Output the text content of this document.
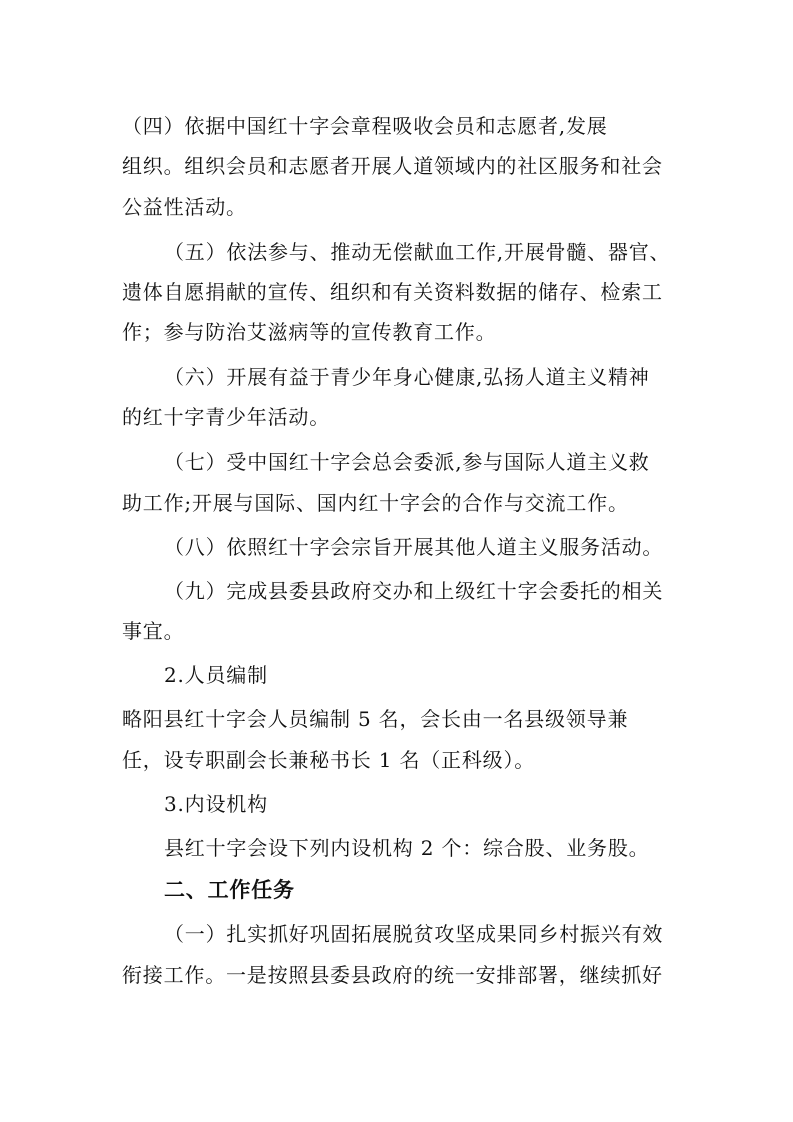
（四）依据中国红十字会章程吸收会员和志愿者,发展
组织。组织会员和志愿者开展人道领域内的社区服务和社会
公益性活动。
（五）依法参与、推动无偿献血工作,开展骨髓、器官、
遗体自愿捐献的宣传、组织和有关资料数据的储存、检索工
作；参与防治艾滋病等的宣传教育工作。
（六）开展有益于青少年身心健康,弘扬人道主义精神
的红十字青少年活动。
（七）受中国红十字会总会委派,参与国际人道主义救
助工作;开展与国际、国内红十字会的合作与交流工作。
（八）依照红十字会宗旨开展其他人道主义服务活动。
（九）完成县委县政府交办和上级红十字会委托的相关
事宜。
2.人员编制
略阳县红十字会人员编制 5 名，会长由一名县级领导兼
任，设专职副会长兼秘书长 1 名（正科级）。
3.内设机构
县红十字会设下列内设机构 2 个：综合股、业务股。
二、工作任务
（一）扎实抓好巩固拓展脱贫攻坚成果同乡村振兴有效
衔接工作。一是按照县委县政府的统一安排部署，继续抓好
